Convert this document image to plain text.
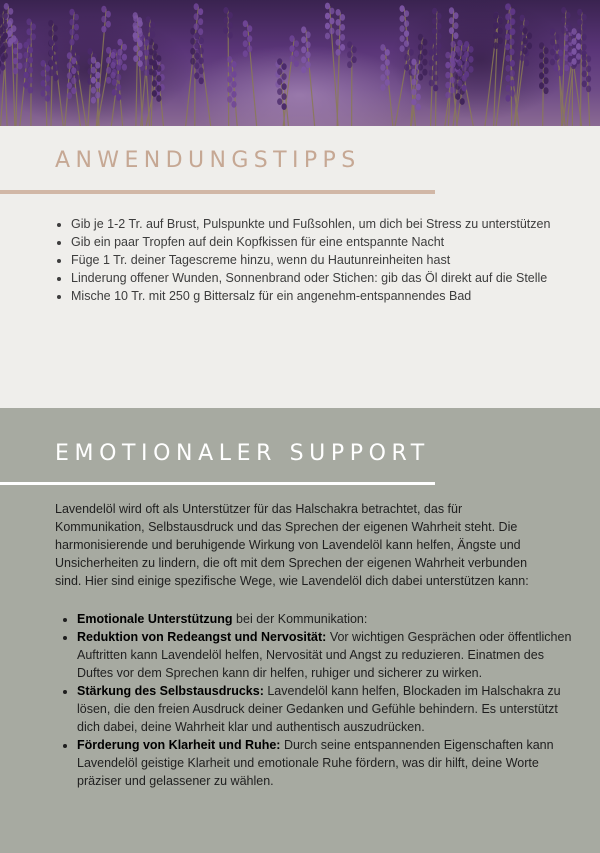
ANWENDUNGSTIPPS
• Gib je 1-2 Tr. auf Brust, Pulspunkte und Fußsohlen, um dich bei Stress zu unterstützen
• Gib ein paar Tropfen auf dein Kopfkissen für eine entspannte Nacht
• Füge 1 Tr. deiner Tagescreme hinzu, wenn du Hautunreinheiten hast
• Linderung offener Wunden, Sonnenbrand oder Stichen: gib das Öl direkt auf die Stelle
• Mische 10 Tr. mit 250 g Bittersalz für ein angenehm-entspannendes Bad
EMOTIONALER SUPPORT

Lavendelöl wird oft als Unterstützer für das Halschakra betrachtet, das für Kommunikation, Selbstausdruck und das Sprechen der eigenen Wahrheit steht. Die harmonisierende und beruhigende Wirkung von Lavendelöl kann helfen, Ängste und Unsicherheiten zu lindern, die oft mit dem Sprechen der eigenen Wahrheit verbunden sind. Hier sind einige spezifische Wege, wie Lavendelöl dich dabei unterstützen kann:

• Emotionale Unterstützung bei der Kommunikation:
• Reduktion von Redeangst und Nervosität: Vor wichtigen Gesprächen oder öffentlichen Auftritten kann Lavendelöl helfen, Nervosität und Angst zu reduzieren. Einatmen des Duftes vor dem Sprechen kann dir helfen, ruhiger und sicherer zu wirken.
• Stärkung des Selbstausdrucks: Lavendelöl kann helfen, Blockaden im Halschakra zu lösen, die den freien Ausdruck deiner Gedanken und Gefühle behindern. Es unterstützt dich dabei, deine Wahrheit klar und authentisch auszudrücken.
• Förderung von Klarheit und Ruhe: Durch seine entspannenden Eigenschaften kann Lavendelöl geistige Klarheit und emotionale Ruhe fördern, was dir hilft, deine Worte präziser und gelassener zu wählen.
